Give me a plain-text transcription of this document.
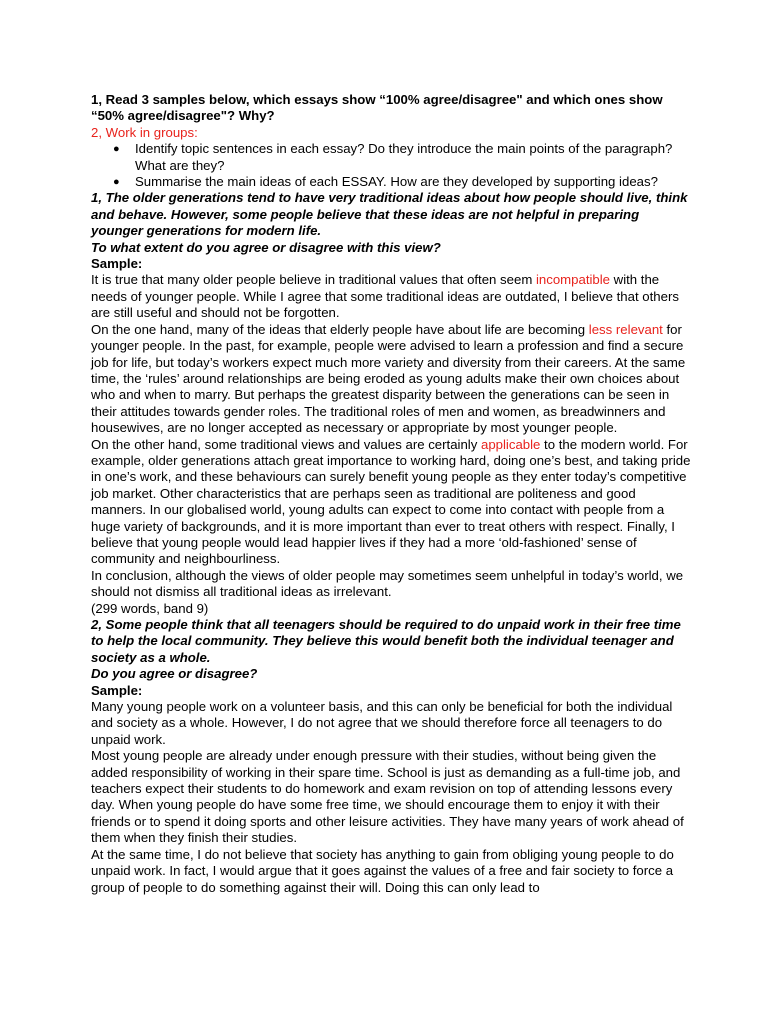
1, Read 3 samples below, which essays show “100% agree/disagree" and which ones show “50% agree/disagree"? Why?

2, Work in groups:

● Identify topic sentences in each essay? Do they introduce the main points of the paragraph? What are they?
● Summarise the main ideas of each ESSAY. How are they developed by supporting ideas?

1, The older generations tend to have very traditional ideas about how people should live, think and behave. However, some people believe that these ideas are not helpful in preparing younger generations for modern life.

To what extent do you agree or disagree with this view?

Sample:

It is true that many older people believe in traditional values that often seem incompatible with the needs of younger people. While I agree that some traditional ideas are outdated, I believe that others are still useful and should not be forgotten.

On the one hand, many of the ideas that elderly people have about life are becoming less relevant for younger people. In the past, for example, people were advised to learn a profession and find a secure job for life, but today’s workers expect much more variety and diversity from their careers. At the same time, the ‘rules’ around relationships are being eroded as young adults make their own choices about who and when to marry. But perhaps the greatest disparity between the generations can be seen in their attitudes towards gender roles. The traditional roles of men and women, as breadwinners and housewives, are no longer accepted as necessary or appropriate by most younger people.

On the other hand, some traditional views and values are certainly applicable to the modern world. For example, older generations attach great importance to working hard, doing one’s best, and taking pride in one’s work, and these behaviours can surely benefit young people as they enter today’s competitive job market. Other characteristics that are perhaps seen as traditional are politeness and good manners. In our globalised world, young adults can expect to come into contact with people from a huge variety of backgrounds, and it is more important than ever to treat others with respect. Finally, I believe that young people would lead happier lives if they had a more ‘old-fashioned’ sense of community and neighbourliness.

In conclusion, although the views of older people may sometimes seem unhelpful in today’s world, we should not dismiss all traditional ideas as irrelevant.

(299 words, band 9)

2, Some people think that all teenagers should be required to do unpaid work in their free time to help the local community. They believe this would benefit both the individual teenager and society as a whole.

Do you agree or disagree?

Sample:

Many young people work on a volunteer basis, and this can only be beneficial for both the individual and society as a whole. However, I do not agree that we should therefore force all teenagers to do unpaid work.

Most young people are already under enough pressure with their studies, without being given the added responsibility of working in their spare time. School is just as demanding as a full-time job, and teachers expect their students to do homework and exam revision on top of attending lessons every day. When young people do have some free time, we should encourage them to enjoy it with their friends or to spend it doing sports and other leisure activities. They have many years of work ahead of them when they finish their studies.

At the same time, I do not believe that society has anything to gain from obliging young people to do unpaid work. In fact, I would argue that it goes against the values of a free and fair society to force a group of people to do something against their will. Doing this can only lead to
